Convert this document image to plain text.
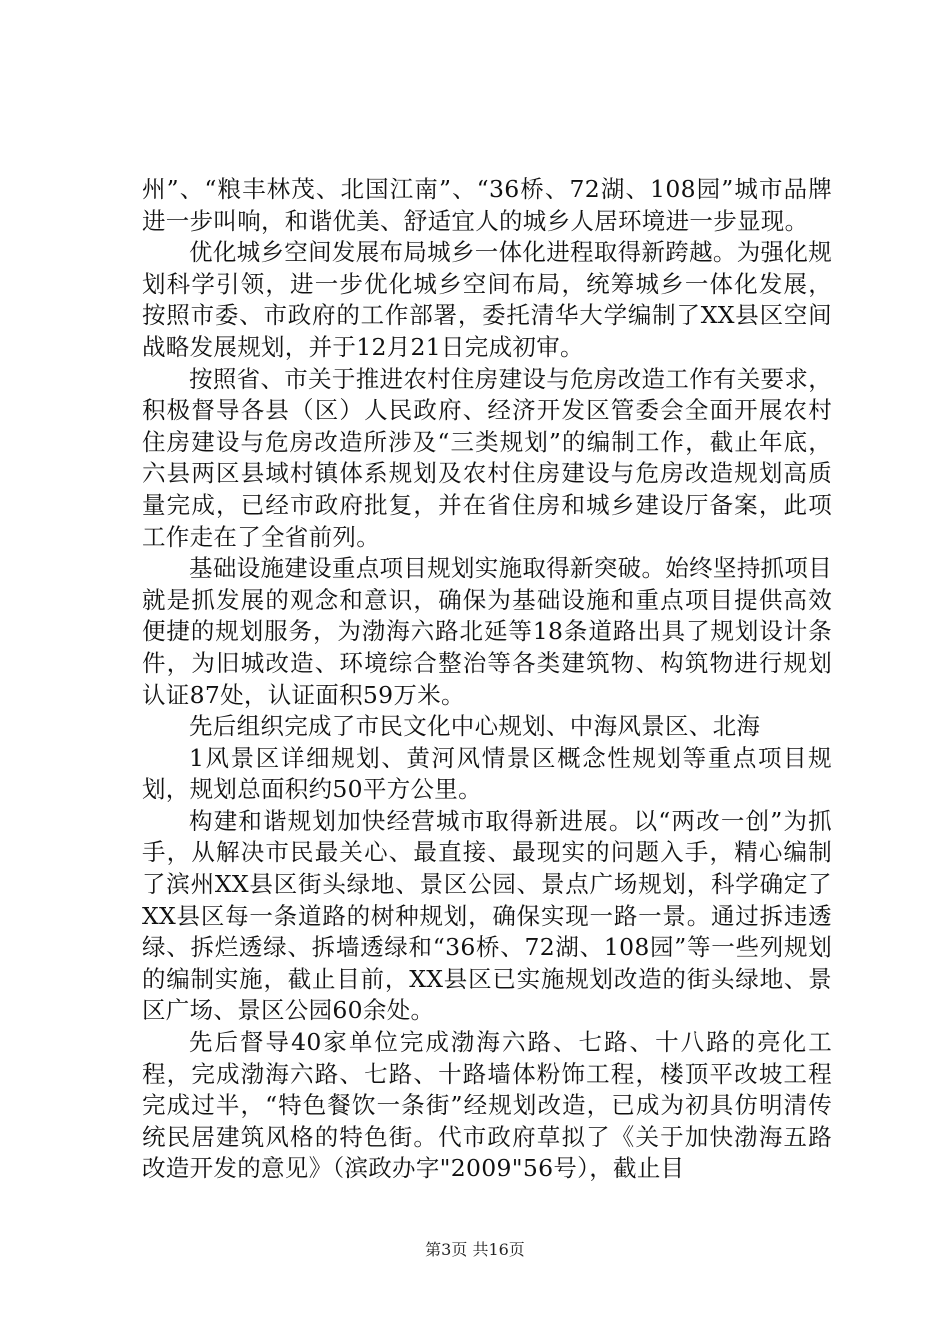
州”、“粮丰林茂、北国江南”、“36桥、72湖、108园”城市品牌进一步叫响，和谐优美、舒适宜人的城乡人居环境进一步显现。

优化城乡空间发展布局城乡一体化进程取得新跨越。为强化规划科学引领，进一步优化城乡空间布局，统筹城乡一体化发展，按照市委、市政府的工作部署，委托清华大学编制了XX县区空间战略发展规划，并于12月21日完成初审。

按照省、市关于推进农村住房建设与危房改造工作有关要求，积极督导各县（区）人民政府、经济开发区管委会全面开展农村住房建设与危房改造所涉及“三类规划”的编制工作，截止年底，六县两区县域村镇体系规划及农村住房建设与危房改造规划高质量完成，已经市政府批复，并在省住房和城乡建设厅备案，此项工作走在了全省前列。

基础设施建设重点项目规划实施取得新突破。始终坚持抓项目就是抓发展的观念和意识，确保为基础设施和重点项目提供高效便捷的规划服务，为渤海六路北延等18条道路出具了规划设计条件，为旧城改造、环境综合整治等各类建筑物、构筑物进行规划认证87处，认证面积59万米。

先后组织完成了市民文化中心规划、中海风景区、北海

1风景区详细规划、黄河风情景区概念性规划等重点项目规划，规划总面积约50平方公里。

构建和谐规划加快经营城市取得新进展。以“两改一创”为抓手，从解决市民最关心、最直接、最现实的问题入手，精心编制了滨州XX县区街头绿地、景区公园、景点广场规划，科学确定了XX县区每一条道路的树种规划，确保实现一路一景。通过拆违透绿、拆烂透绿、拆墙透绿和“36桥、72湖、108园”等一些列规划的编制实施，截止目前，XX县区已实施规划改造的街头绿地、景区广场、景区公园60余处。

先后督导40家单位完成渤海六路、七路、十八路的亮化工程，完成渤海六路、七路、十路墙体粉饰工程，楼顶平改坡工程完成过半，“特色餐饮一条街”经规划改造，已成为初具仿明清传统民居建筑风格的特色街。代市政府草拟了《关于加快渤海五路改造开发的意见》（滨政办字"2009"56号），截止目

第3页 共16页
